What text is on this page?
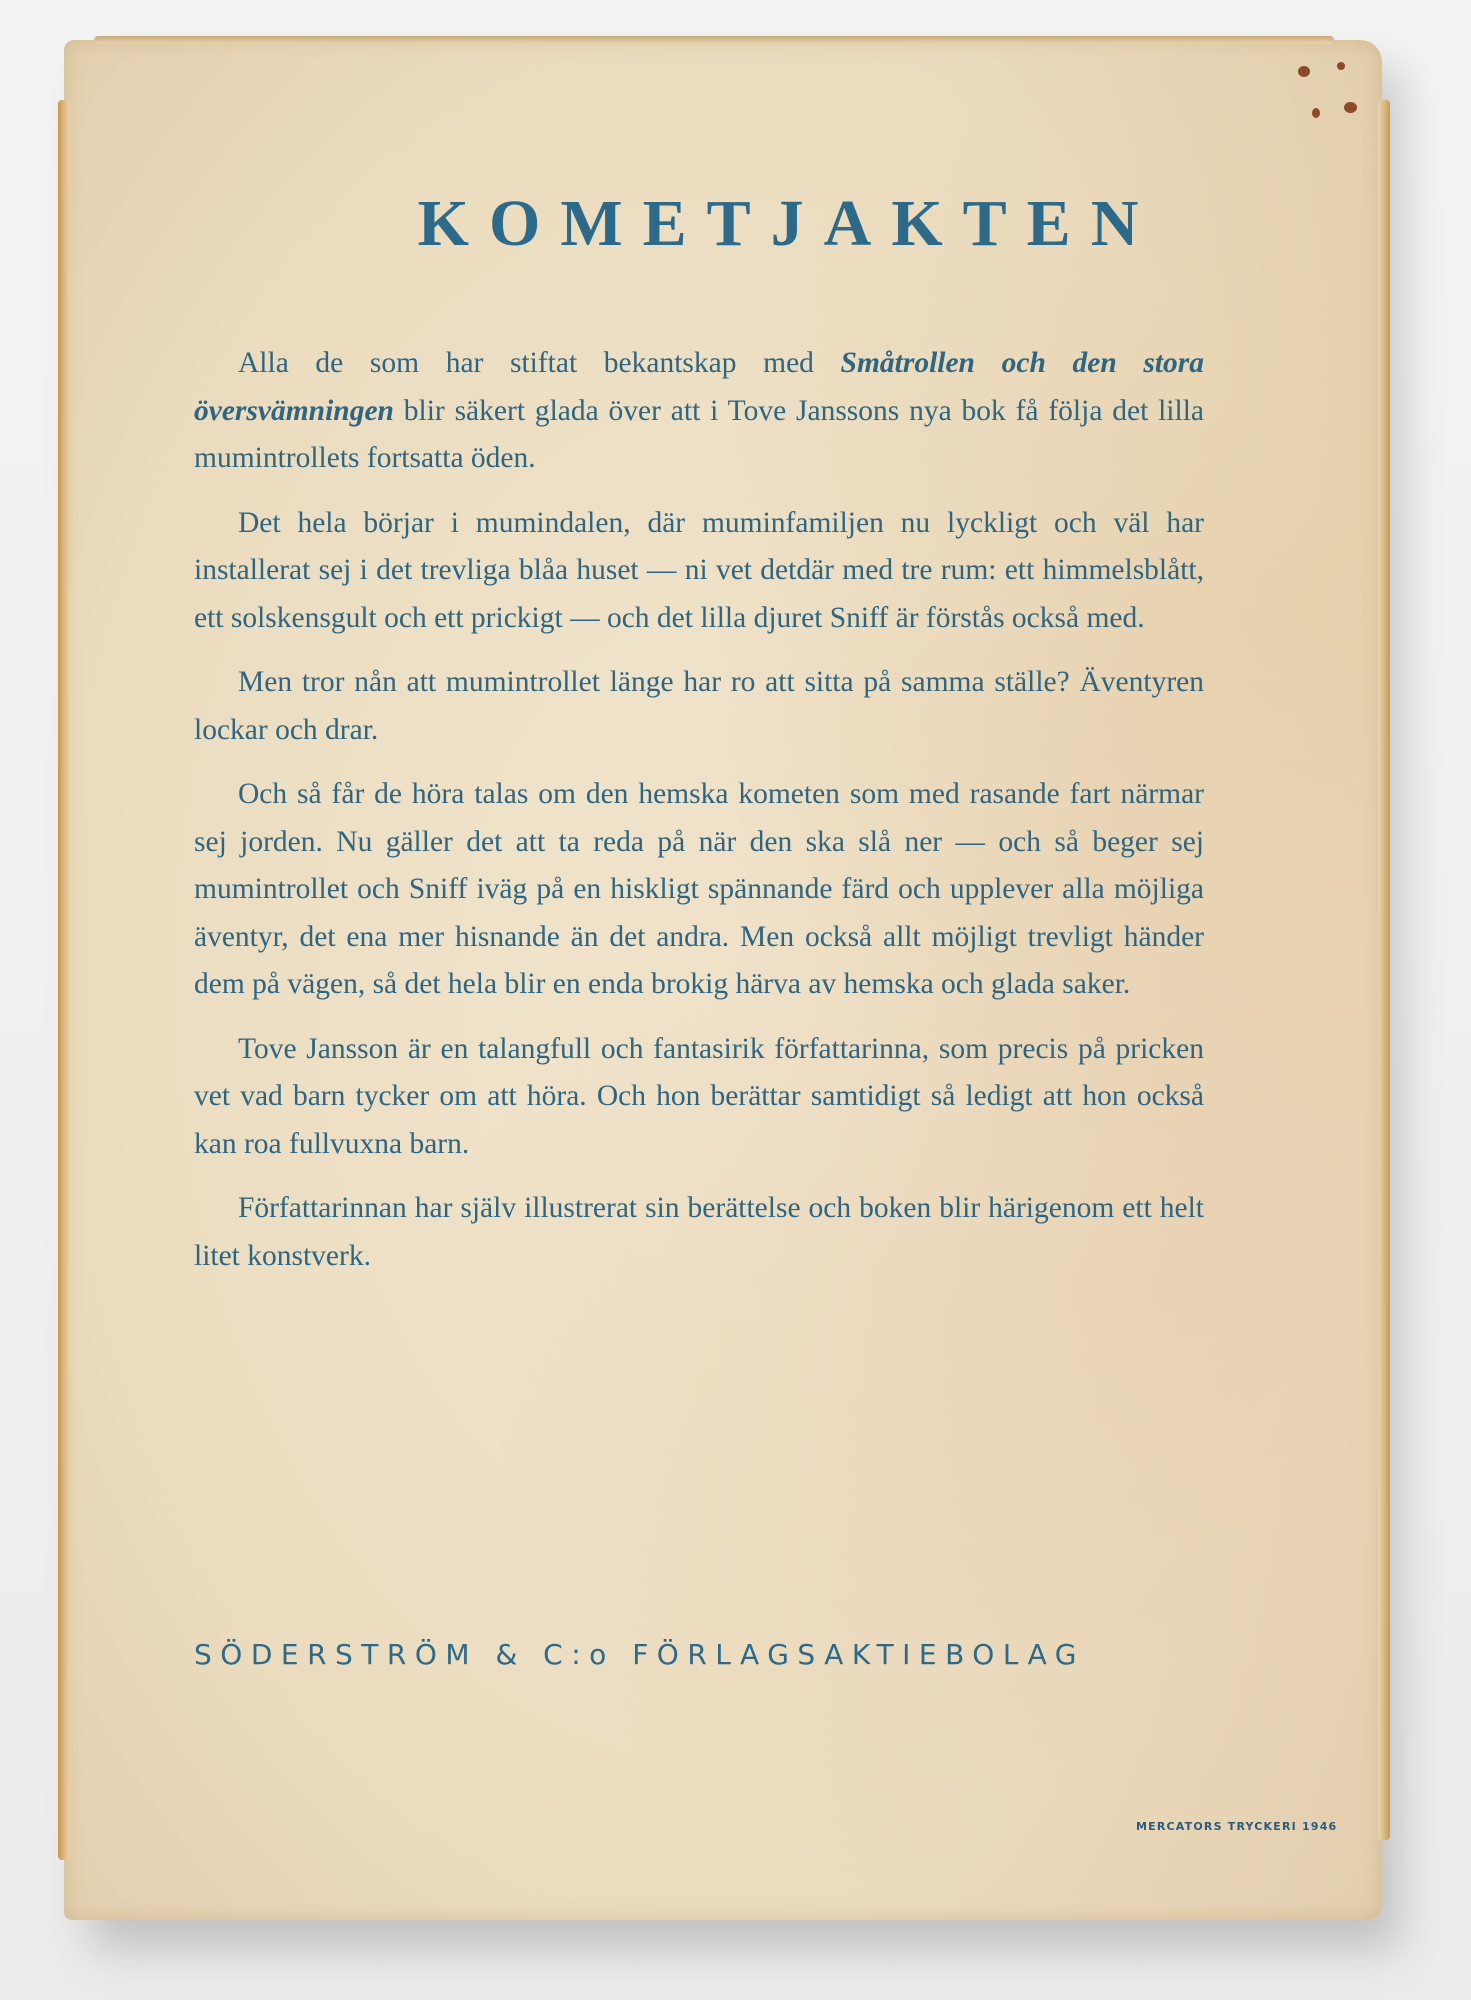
KOMETJAKTEN

Alla de som har stiftat bekantskap med Småtrollen och den stora översvämningen blir säkert glada över att i Tove Janssons nya bok få följa det lilla mumintrollets fortsatta öden.

Det hela börjar i mumindalen, där muminfamiljen nu lyckligt och väl har installerat sej i det trevliga blåa huset — ni vet detdär med tre rum: ett himmelsblått, ett solskensgult och ett prickigt — och det lilla djuret Sniff är förstås också med.

Men tror nån att mumintrollet länge har ro att sitta på samma ställe? Äventyren lockar och drar.

Och så får de höra talas om den hemska kometen som med rasande fart närmar sej jorden. Nu gäller det att ta reda på när den ska slå ner — och så beger sej mumintrollet och Sniff iväg på en hiskligt spännande färd och upplever alla möjliga äventyr, det ena mer hisnande än det andra. Men också allt möjligt trevligt händer dem på vägen, så det hela blir en enda brokig härva av hemska och glada saker.

Tove Jansson är en talangfull och fantasirik författarinna, som precis på pricken vet vad barn tycker om att höra. Och hon berättar samtidigt så ledigt att hon också kan roa fullvuxna barn.

Författarinnan har själv illustrerat sin berättelse och boken blir härigenom ett helt litet konstverk.

SÖDERSTRÖM & C:o FÖRLAGSAKTIEBOLAG
MERCATORS TRYCKERI 1946
